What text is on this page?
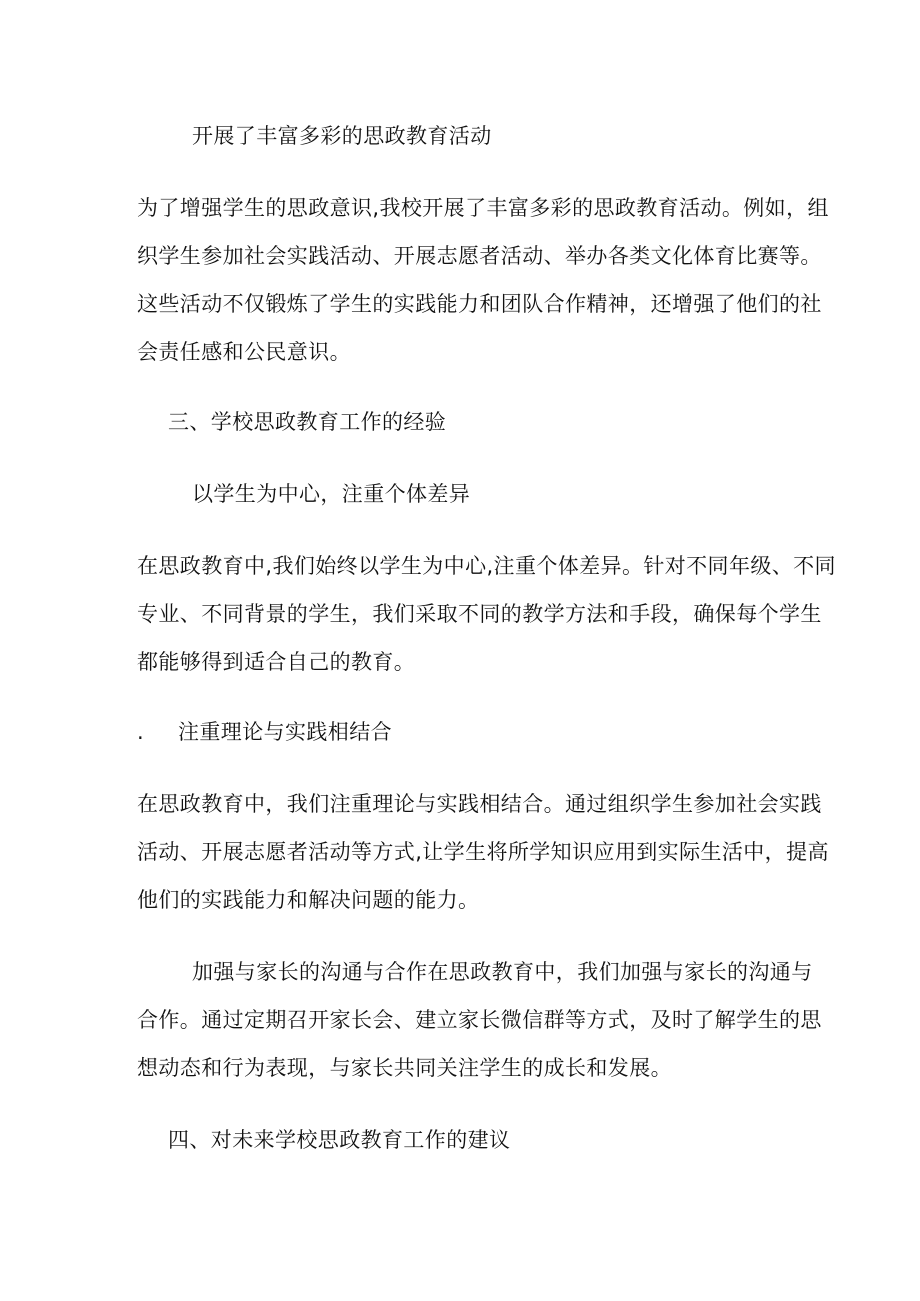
开展了丰富多彩的思政教育活动
为了增强学生的思政意识,我校开展了丰富多彩的思政教育活动。例如，组
织学生参加社会实践活动、开展志愿者活动、举办各类文化体育比赛等。
这些活动不仅锻炼了学生的实践能力和团队合作精神，还增强了他们的社
会责任感和公民意识。
三、学校思政教育工作的经验
以学生为中心，注重个体差异
在思政教育中,我们始终以学生为中心,注重个体差异。针对不同年级、不同
专业、不同背景的学生，我们采取不同的教学方法和手段，确保每个学生
都能够得到适合自己的教育。
. 注重理论与实践相结合
在思政教育中，我们注重理论与实践相结合。通过组织学生参加社会实践
活动、开展志愿者活动等方式,让学生将所学知识应用到实际生活中，提高
他们的实践能力和解决问题的能力。
加强与家长的沟通与合作在思政教育中，我们加强与家长的沟通与
合作。通过定期召开家长会、建立家长微信群等方式，及时了解学生的思
想动态和行为表现，与家长共同关注学生的成长和发展。
四、对未来学校思政教育工作的建议
